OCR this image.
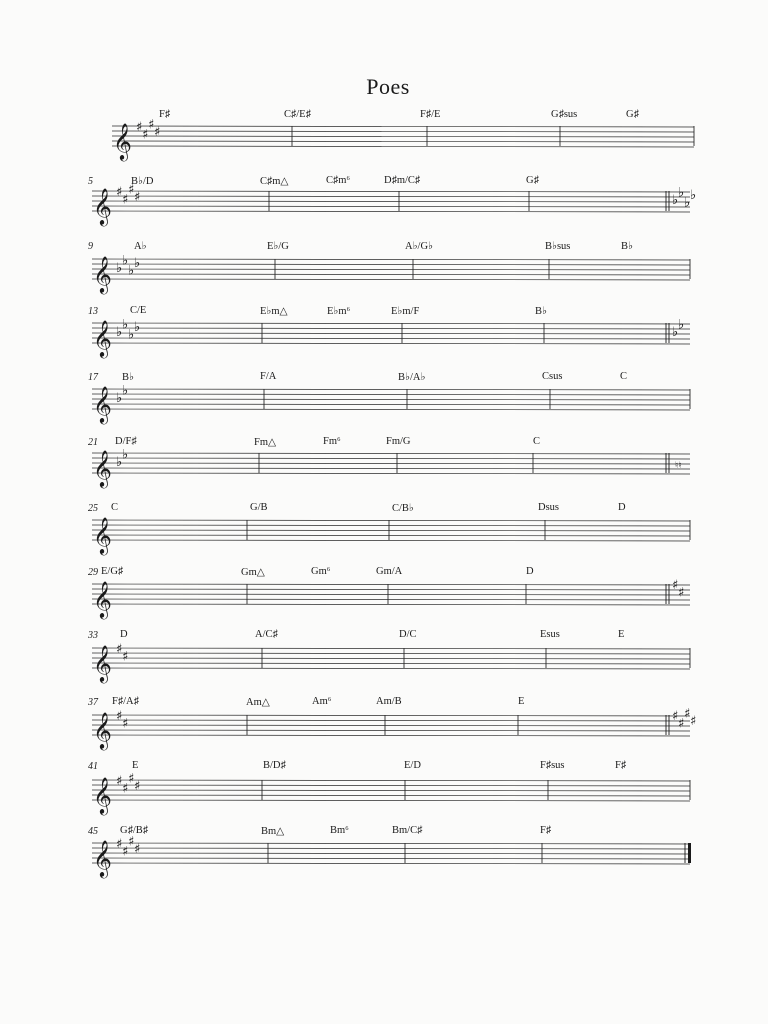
Poes
F♯	C♯/E♯	F♯/E	G♯sus	G♯
𝄞 ♯ ♯
♯ ♯
5	B♭/D	C♯m△	C♯m⁶	D♯m/C♯	G♯
𝄞 ♯ ♯
♯ ♯	♭ ♭
♭ ♭
9	A♭	E♭/G	A♭/G♭	B♭sus	B♭
𝄞 ♭ ♭
♭ ♭
13	C/E	E♭m△	E♭m⁶	E♭m/F	B♭
𝄞 ♭ ♭
♭ ♭	♭ ♭
17 B♭	F/A	B♭/A♭	Csus	C
𝄞 ♭ ♭
21 D/F♯	Fm△	Fm⁶	Fm/G	C
𝄞 ♭ ♭
♮♮
25 C	G/B	C/B♭	Dsus	D
𝄞
29 E/G♯	Gm△	Gm⁶	Gm/A	D
𝄞	♯ ♯
33 D	A/C♯	D/C	Esus	E
𝄞 ♯ ♯
37 F♯/A♯	Am△	Am⁶	Am/B	E
𝄞 ♯ ♯	♯ ♯
♯ ♯
41	E	B/D♯	E/D	F♯sus	F♯
𝄞 ♯ ♯
♯ ♯
45 G♯/B♯	Bm△	Bm⁶	Bm/C♯	F♯
𝄞 ♯ ♯
♯ ♯
